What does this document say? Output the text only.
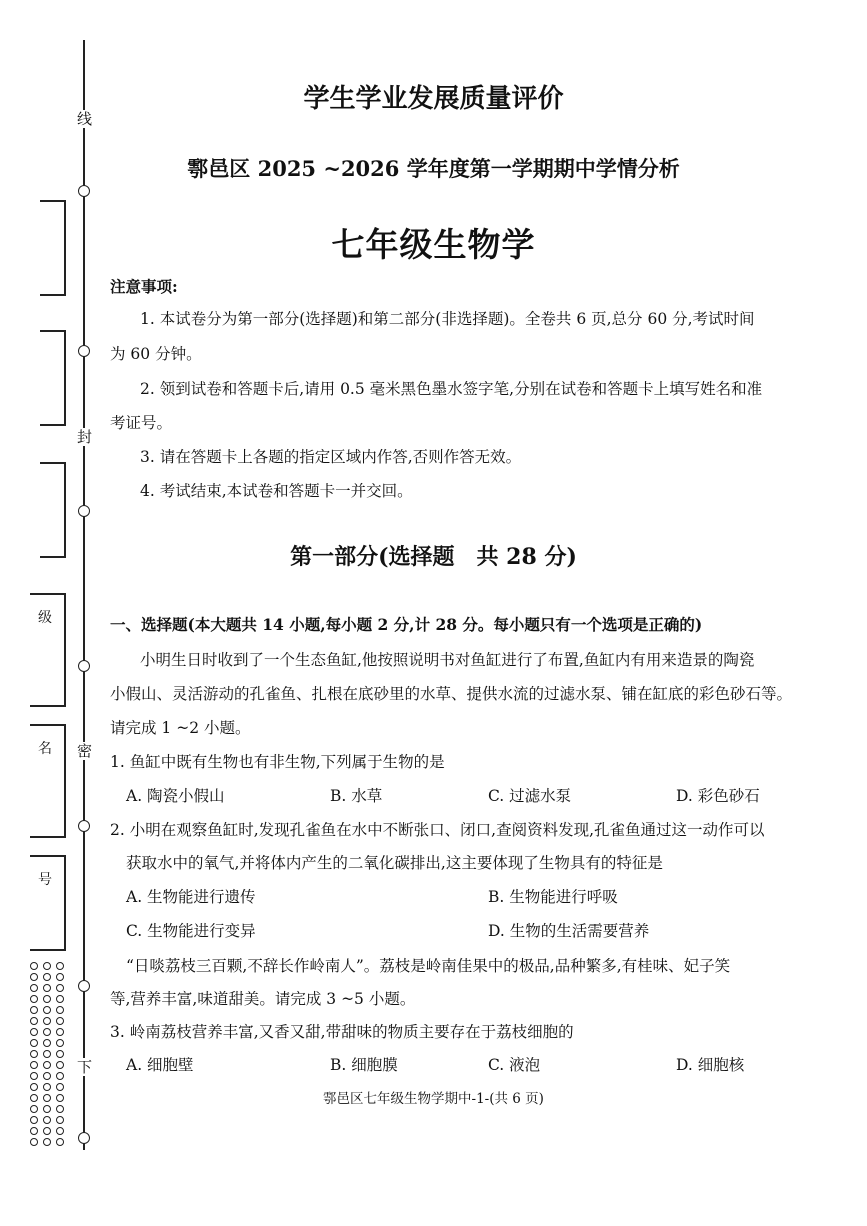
线
封
密
下
级
名
号
学生学业发展质量评价
鄠邑区 2025 ~2026 学年度第一学期期中学情分析
七年级生物学
注意事项:
1. 本试卷分为第一部分(选择题)和第二部分(非选择题)。全卷共 6 页,总分 60 分,考试时间
为 60 分钟。
2. 领到试卷和答题卡后,请用 0.5 毫米黑色墨水签字笔,分别在试卷和答题卡上填写姓名和准
考证号。
3. 请在答题卡上各题的指定区域内作答,否则作答无效。
4. 考试结束,本试卷和答题卡一并交回。
第一部分(选择题　共 28 分)
一、选择题(本大题共 14 小题,每小题 2 分,计 28 分。每小题只有一个选项是正确的)
小明生日时收到了一个生态鱼缸,他按照说明书对鱼缸进行了布置,鱼缸内有用来造景的陶瓷
小假山、灵活游动的孔雀鱼、扎根在底砂里的水草、提供水流的过滤水泵、铺在缸底的彩色砂石等。
请完成 1 ~2 小题。
1. 鱼缸中既有生物也有非生物,下列属于生物的是
A. 陶瓷小假山	B. 水草	C. 过滤水泵	D. 彩色砂石
2. 小明在观察鱼缸时,发现孔雀鱼在水中不断张口、闭口,查阅资料发现,孔雀鱼通过这一动作可以
获取水中的氧气,并将体内产生的二氧化碳排出,这主要体现了生物具有的特征是
A. 生物能进行遗传	B. 生物能进行呼吸
C. 生物能进行变异	D. 生物的生活需要营养
“日啖荔枝三百颗,不辞长作岭南人”。荔枝是岭南佳果中的极品,品种繁多,有桂味、妃子笑
等,营养丰富,味道甜美。请完成 3 ~5 小题。
3. 岭南荔枝营养丰富,又香又甜,带甜味的物质主要存在于荔枝细胞的
A. 细胞壁	B. 细胞膜	C. 液泡	D. 细胞核
鄠邑区七年级生物学期中-1-(共 6 页)
